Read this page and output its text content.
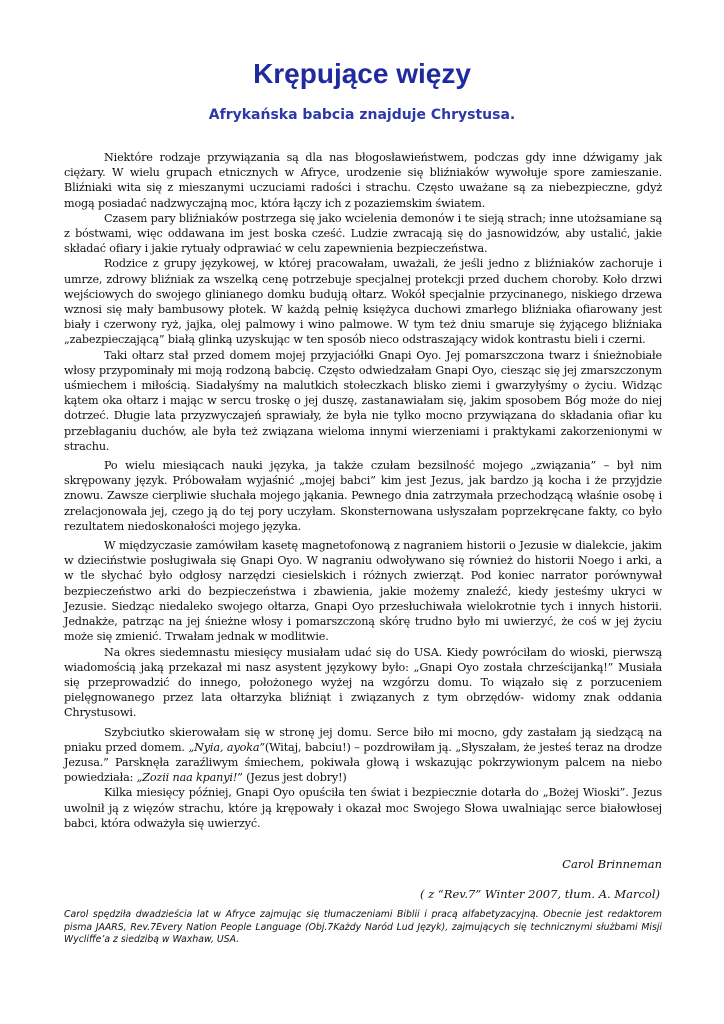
Krępujące więzy
Afrykańska babcia znajduje Chrystusa.

Niektóre rodzaje przywiązania są dla nas błogosławieństwem, podczas gdy inne dźwigamy jak ciężary. W wielu grupach etnicznych w Afryce, urodzenie się bliźniaków wywołuje spore zamieszanie. Bliźniaki wita się z mieszanymi uczuciami radości i strachu. Często uważane są za niebezpieczne, gdyż mogą posiadać nadzwyczajną moc, która łączy ich z pozaziemskim światem.

Czasem pary bliźniaków postrzega się jako wcielenia demonów i te sieją strach; inne utożsamiane są z bóstwami, więc oddawana im jest boska cześć. Ludzie zwracają się do jasnowidzów, aby ustalić, jakie składać ofiary i jakie rytuały odprawiać w celu zapewnienia bezpieczeństwa.

Rodzice z grupy językowej, w której pracowałam, uważali, że jeśli jedno z bliźniaków zachoruje i umrze, zdrowy bliźniak za wszelką cenę potrzebuje specjalnej protekcji przed duchem choroby. Koło drzwi wejściowych do swojego glinianego domku budują ołtarz. Wokół specjalnie przycinanego, niskiego drzewa wznosi się mały bambusowy płotek. W każdą pełnię księżyca duchowi zmarłego bliźniaka ofiarowany jest biały i czerwony ryż, jajka, olej palmowy i wino palmowe. W tym też dniu smaruje się żyjącego bliźniaka „zabezpieczającą” białą glinką uzyskując w ten sposób nieco odstraszający widok kontrastu bieli i czerni.

Taki ołtarz stał przed domem mojej przyjaciółki Gnapi Oyo. Jej pomarszczona twarz i śnieżnobiałe włosy przypominały mi moją rodzoną babcię. Często odwiedzałam Gnapi Oyo, ciesząc się jej zmarszczonym uśmiechem i miłością. Siadałyśmy na malutkich stołeczkach blisko ziemi i gwarzyłyśmy o życiu. Widząc kątem oka ołtarz i mając w sercu troskę o jej duszę, zastanawiałam się, jakim sposobem Bóg może do niej dotrzeć. Długie lata przyzwyczajeń sprawiały, że była nie tylko mocno przywiązana do składania ofiar ku przebłaganiu duchów, ale była też związana wieloma innymi wierzeniami i praktykami zakorzenionymi w strachu.

Po wielu miesiącach nauki języka, ja także czułam bezsilność mojego „związania” – był nim skrępowany język. Próbowałam wyjaśnić „mojej babci” kim jest Jezus, jak bardzo ją kocha i że przyjdzie znowu. Zawsze cierpliwie słuchała mojego jąkania. Pewnego dnia zatrzymała przechodzącą właśnie osobę i zrelacjonowała jej, czego ją do tej pory uczyłam. Skonsternowana usłyszałam poprzekręcane fakty, co było rezultatem niedoskonałości mojego języka.

W międzyczasie zamówiłam kasetę magnetofonową z nagraniem historii o Jezusie w dialekcie, jakim w dzieciństwie posługiwała się Gnapi Oyo. W nagraniu odwoływano się również do historii Noego i arki, a w tle słychać było odgłosy narzędzi ciesielskich i różnych zwierząt. Pod koniec narrator porównywał bezpieczeństwo arki do bezpieczeństwa i zbawienia, jakie możemy znaleźć, kiedy jesteśmy ukryci w Jezusie. Siedząc niedaleko swojego ołtarza, Gnapi Oyo przesłuchiwała wielokrotnie tych i innych historii. Jednakże, patrząc na jej śnieżne włosy i pomarszczoną skórę trudno było mi uwierzyć, że coś w jej życiu może się zmienić. Trwałam jednak w modlitwie.

Na okres siedemnastu miesięcy musiałam udać się do USA. Kiedy powróciłam do wioski, pierwszą wiadomością jaką przekazał mi nasz asystent językowy było: „Gnapi Oyo została chrześcijanką!” Musiała się przeprowadzić do innego, położonego wyżej na wzgórzu domu. To wiązało się z porzuceniem pielęgnowanego przez lata ołtarzyka bliźniąt i związanych z tym obrzędów- widomy znak oddania Chrystusowi.

Szybciutko skierowałam się w stronę jej domu. Serce biło mi mocno, gdy zastałam ją siedzącą na pniaku przed domem. „Nyia, ayoka”(Witaj, babciu!) – pozdrowiłam ją. „Słyszałam, że jesteś teraz na drodze Jezusa.” Parsknęła zaraźliwym śmiechem, pokiwała głową i wskazując pokrzywionym palcem na niebo powiedziała: „Zozii naa kpanyi!” (Jezus jest dobry!)

Kilka miesięcy później, Gnapi Oyo opuściła ten świat i bezpiecznie dotarła do „Bożej Wioski”. Jezus uwolnił ją z więzów strachu, które ją krępowały i okazał moc Swojego Słowa uwalniając serce białowłosej babci, która odważyła się uwierzyć.

Carol Brinneman

( z “Rev.7” Winter 2007, tłum. A. Marcol)

Carol spędziła dwadzieścia lat w Afryce zajmując się tłumaczeniami Biblii i pracą alfabetyzacyjną. Obecnie jest redaktorem pisma JAARS, Rev.7Every Nation People Language (Obj.7Każdy Naród Lud Język), zajmujących się technicznymi służbami Misji Wycliffe’a z siedzibą w Waxhaw, USA.
